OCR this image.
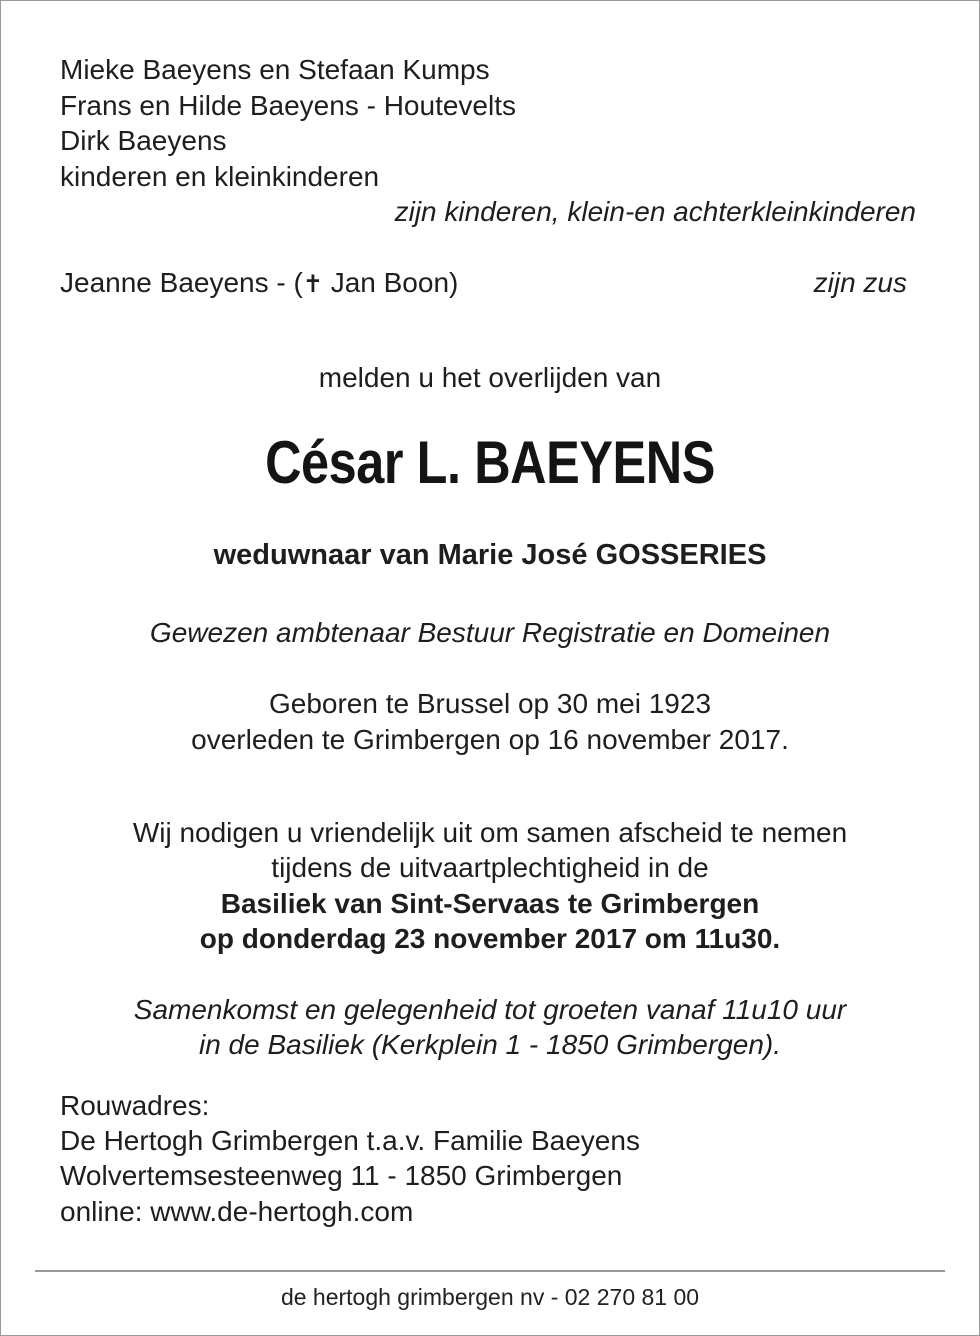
Mieke Baeyens en Stefaan Kumps
Frans en Hilde Baeyens - Houtevelts
Dirk Baeyens
kinderen en kleinkinderen
zijn kinderen, klein-en achterkleinkinderen
Jeanne Baeyens - (✝ Jan Boon)	zijn zus
melden u het overlijden van
César L. BAEYENS
weduwnaar van Marie José GOSSERIES
Gewezen ambtenaar Bestuur Registratie en Domeinen
Geboren te Brussel op 30 mei 1923
overleden te Grimbergen op 16 november 2017.
Wij nodigen u vriendelijk uit om samen afscheid te nemen
tijdens de uitvaartplechtigheid in de
Basiliek van Sint-Servaas te Grimbergen
op donderdag 23 november 2017 om 11u30.
Samenkomst en gelegenheid tot groeten vanaf 11u10 uur
in de Basiliek (Kerkplein 1 - 1850 Grimbergen).
Rouwadres:
De Hertogh Grimbergen t.a.v. Familie Baeyens
Wolvertemsesteenweg 11 - 1850 Grimbergen
online: www.de-hertogh.com
de hertogh grimbergen nv - 02 270 81 00
